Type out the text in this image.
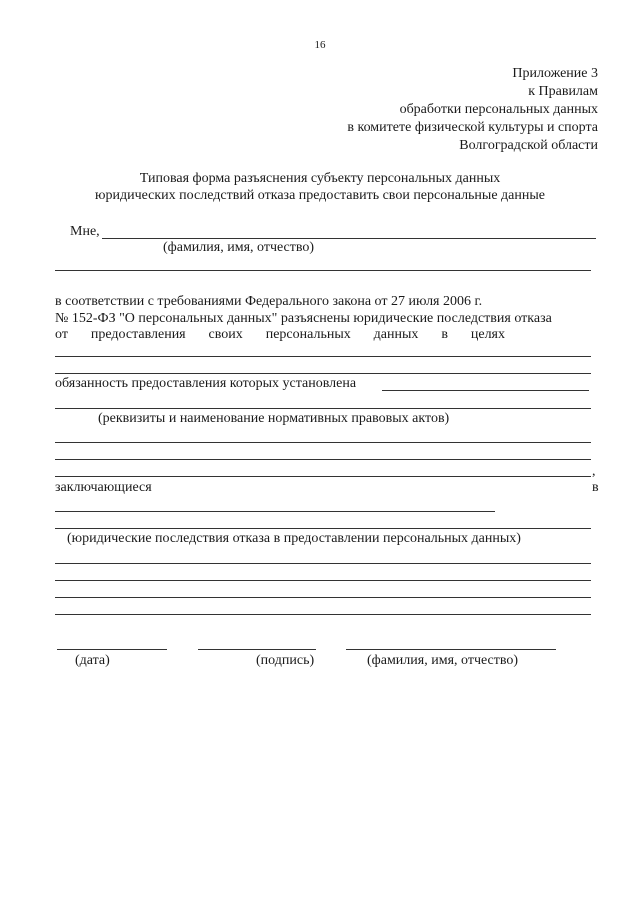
16
Приложение 3
к Правилам
обработки персональных данных
в комитете физической культуры и спорта
Волгоградской области
Типовая форма разъяснения субъекту персональных данных
юридических последствий отказа предоставить свои персональные данные
Мне,
(фамилия, имя, отчество)
в соответствии с требованиями Федерального закона от 27 июля 2006 г.
№ 152-ФЗ "О персональных данных" разъяснены юридические последствия отказа
от предоставления своих персональных данных в целях
обязанность предоставления которых установлена
(реквизиты и наименование нормативных правовых актов)
,
заключающиеся	в
(юридические последствия отказа в предоставлении персональных данных)
(дата)	(подпись)	(фамилия, имя, отчество)
